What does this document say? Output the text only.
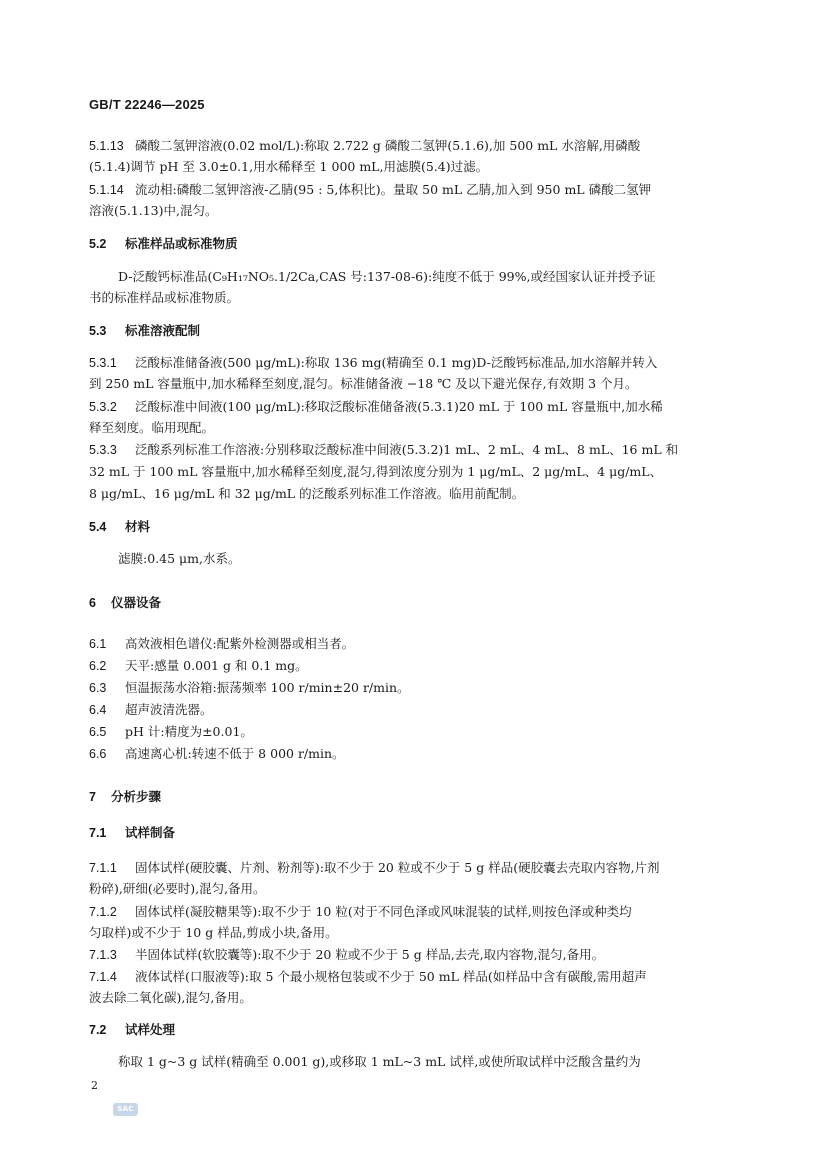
GB/T 22246—2025
5.1.13 磷酸二氢钾溶液(0.02 mol/L):称取 2.722 g 磷酸二氢钾(5.1.6),加 500 mL 水溶解,用磷酸
(5.1.4)调节 pH 至 3.0±0.1,用水稀释至 1 000 mL,用滤膜(5.4)过滤。
5.1.14 流动相:磷酸二氢钾溶液-乙腈(95 : 5,体积比)。量取 50 mL 乙腈,加入到 950 mL 磷酸二氢钾
溶液(5.1.13)中,混匀。
5.2 标准样品或标准物质
D-泛酸钙标准品(C₉H₁₇NO₅.1/2Ca,CAS 号:137-08-6):纯度不低于 99%,或经国家认证并授予证
书的标准样品或标准物质。
5.3 标准溶液配制
5.3.1 泛酸标准储备液(500 μg/mL):称取 136 mg(精确至 0.1 mg)D-泛酸钙标准品,加水溶解并转入
到 250 mL 容量瓶中,加水稀释至刻度,混匀。标准储备液 −18 ℃ 及以下避光保存,有效期 3 个月。
5.3.2 泛酸标准中间液(100 μg/mL):移取泛酸标准储备液(5.3.1)20 mL 于 100 mL 容量瓶中,加水稀
释至刻度。临用现配。
5.3.3 泛酸系列标准工作溶液:分别移取泛酸标准中间液(5.3.2)1 mL、2 mL、4 mL、8 mL、16 mL 和
32 mL 于 100 mL 容量瓶中,加水稀释至刻度,混匀,得到浓度分别为 1 μg/mL、2 μg/mL、4 μg/mL、
8 μg/mL、16 μg/mL 和 32 μg/mL 的泛酸系列标准工作溶液。临用前配制。
5.4 材料
滤膜:0.45 μm,水系。
6 仪器设备
6.1 高效液相色谱仪:配紫外检测器或相当者。
6.2 天平:感量 0.001 g 和 0.1 mg。
6.3 恒温振荡水浴箱:振荡频率 100 r/min±20 r/min。
6.4 超声波清洗器。
6.5 pH 计:精度为±0.01。
6.6 高速离心机:转速不低于 8 000 r/min。
7 分析步骤
7.1 试样制备
7.1.1 固体试样(硬胶囊、片剂、粉剂等):取不少于 20 粒或不少于 5 g 样品(硬胶囊去壳取内容物,片剂
粉碎),研细(必要时),混匀,备用。
7.1.2 固体试样(凝胶糖果等):取不少于 10 粒(对于不同色泽或风味混装的试样,则按色泽或种类均
匀取样)或不少于 10 g 样品,剪成小块,备用。
7.1.3 半固体试样(软胶囊等):取不少于 20 粒或不少于 5 g 样品,去壳,取内容物,混匀,备用。
7.1.4 液体试样(口服液等):取 5 个最小规格包装或不少于 50 mL 样品(如样品中含有碳酸,需用超声
波去除二氧化碳),混匀,备用。
7.2 试样处理
称取 1 g~3 g 试样(精确至 0.001 g),或移取 1 mL~3 mL 试样,或使所取试样中泛酸含量约为
2
SAC
